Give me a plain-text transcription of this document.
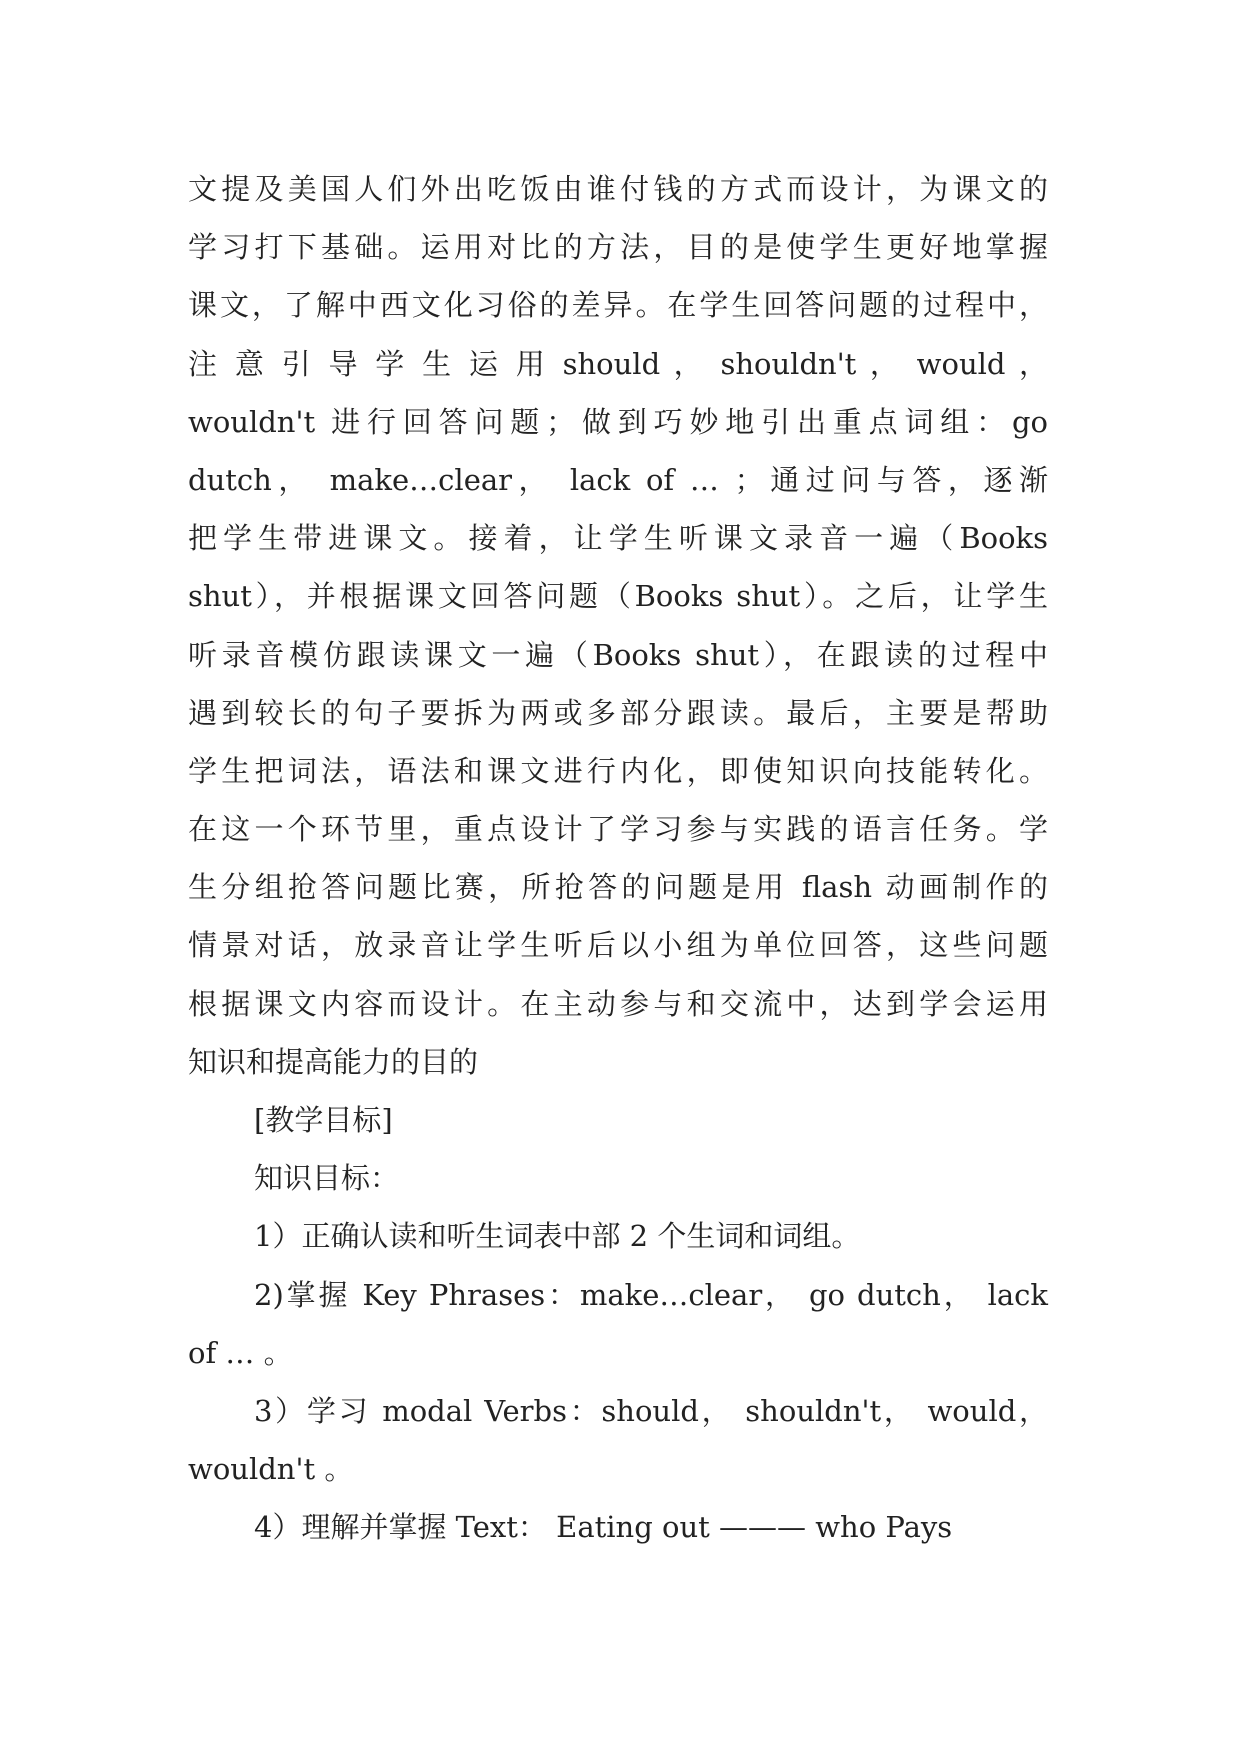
文提及美国人们外出吃饭由谁付钱的方式而设计，为课文的
学习打下基础。运用对比的方法，目的是使学生更好地掌握
课文，了解中西文化习俗的差异。在学生回答问题的过程中，
注 意 引 导 学 生 运 用 should ， shouldn't ， would ，
wouldn't 进行回答问题；做到巧妙地引出重点词组：go
dutch， make…clear， lack of … ；通过问与答，逐渐
把学生带进课文。接着，让学生听课文录音一遍（Books
shut），并根据课文回答问题（Books shut）。之后，让学生
听录音模仿跟读课文一遍（Books shut），在跟读的过程中
遇到较长的句子要拆为两或多部分跟读。最后，主要是帮助
学生把词法，语法和课文进行内化，即使知识向技能转化。
在这一个环节里，重点设计了学习参与实践的语言任务。学
生分组抢答问题比赛，所抢答的问题是用 flash 动画制作的
情景对话，放录音让学生听后以小组为单位回答，这些问题
根据课文内容而设计。在主动参与和交流中，达到学会运用
知识和提高能力的目的
[教学目标]
知识目标：
1）正确认读和听生词表中部 2 个生词和词组。
2)掌握 Key Phrases：make…clear， go dutch， lack
of … 。
3）学习 modal Verbs：should， shouldn't， would，
wouldn't 。
4）理解并掌握 Text： Eating out ——— who Pays
